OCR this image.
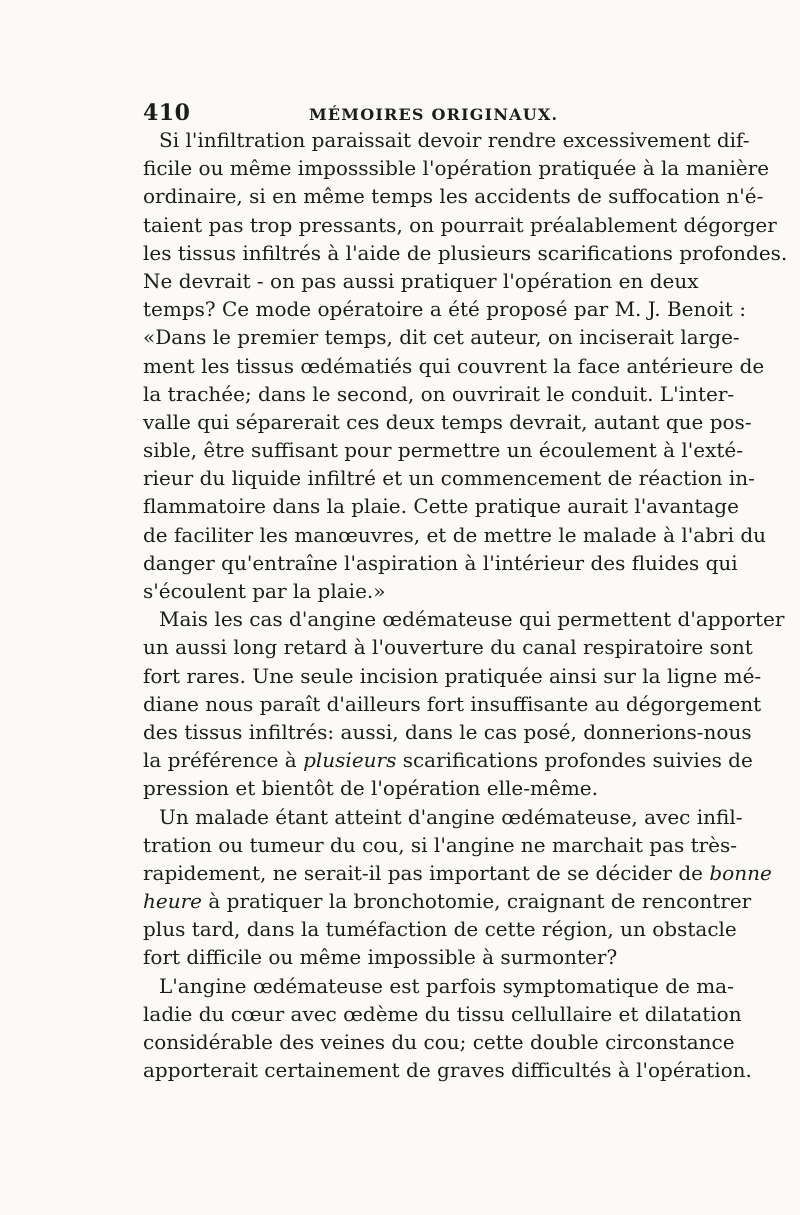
410	MÉMOIRES ORIGINAUX.
Si l'infiltration paraissait devoir rendre excessivement dif-
ficile ou même imposssible l'opération pratiquée à la manière
ordinaire, si en même temps les accidents de suffocation n'é-
taient pas trop pressants, on pourrait préalablement dégorger
les tissus infiltrés à l'aide de plusieurs scarifications profondes.
Ne devrait - on pas aussi pratiquer l'opération en deux
temps? Ce mode opératoire a été proposé par M. J. Benoit :
«Dans le premier temps, dit cet auteur, on inciserait large-
ment les tissus œdématiés qui couvrent la face antérieure de
la trachée; dans le second, on ouvrirait le conduit. L'inter-
valle qui séparerait ces deux temps devrait, autant que pos-
sible, être suffisant pour permettre un écoulement à l'exté-
rieur du liquide infiltré et un commencement de réaction in-
flammatoire dans la plaie. Cette pratique aurait l'avantage
de faciliter les manœuvres, et de mettre le malade à l'abri du
danger qu'entraîne l'aspiration à l'intérieur des fluides qui
s'écoulent par la plaie.»
Mais les cas d'angine œdémateuse qui permettent d'apporter
un aussi long retard à l'ouverture du canal respiratoire sont
fort rares. Une seule incision pratiquée ainsi sur la ligne mé-
diane nous paraît d'ailleurs fort insuffisante au dégorgement
des tissus infiltrés: aussi, dans le cas posé, donnerions-nous
la préférence à plusieurs scarifications profondes suivies de
pression et bientôt de l'opération elle-même.
Un malade étant atteint d'angine œdémateuse, avec infil-
tration ou tumeur du cou, si l'angine ne marchait pas très-
rapidement, ne serait-il pas important de se décider de bonne
heure à pratiquer la bronchotomie, craignant de rencontrer
plus tard, dans la tuméfaction de cette région, un obstacle
fort difficile ou même impossible à surmonter?
L'angine œdémateuse est parfois symptomatique de ma-
ladie du cœur avec œdème du tissu cellullaire et dilatation
considérable des veines du cou; cette double circonstance
apporterait certainement de graves difficultés à l'opération.
